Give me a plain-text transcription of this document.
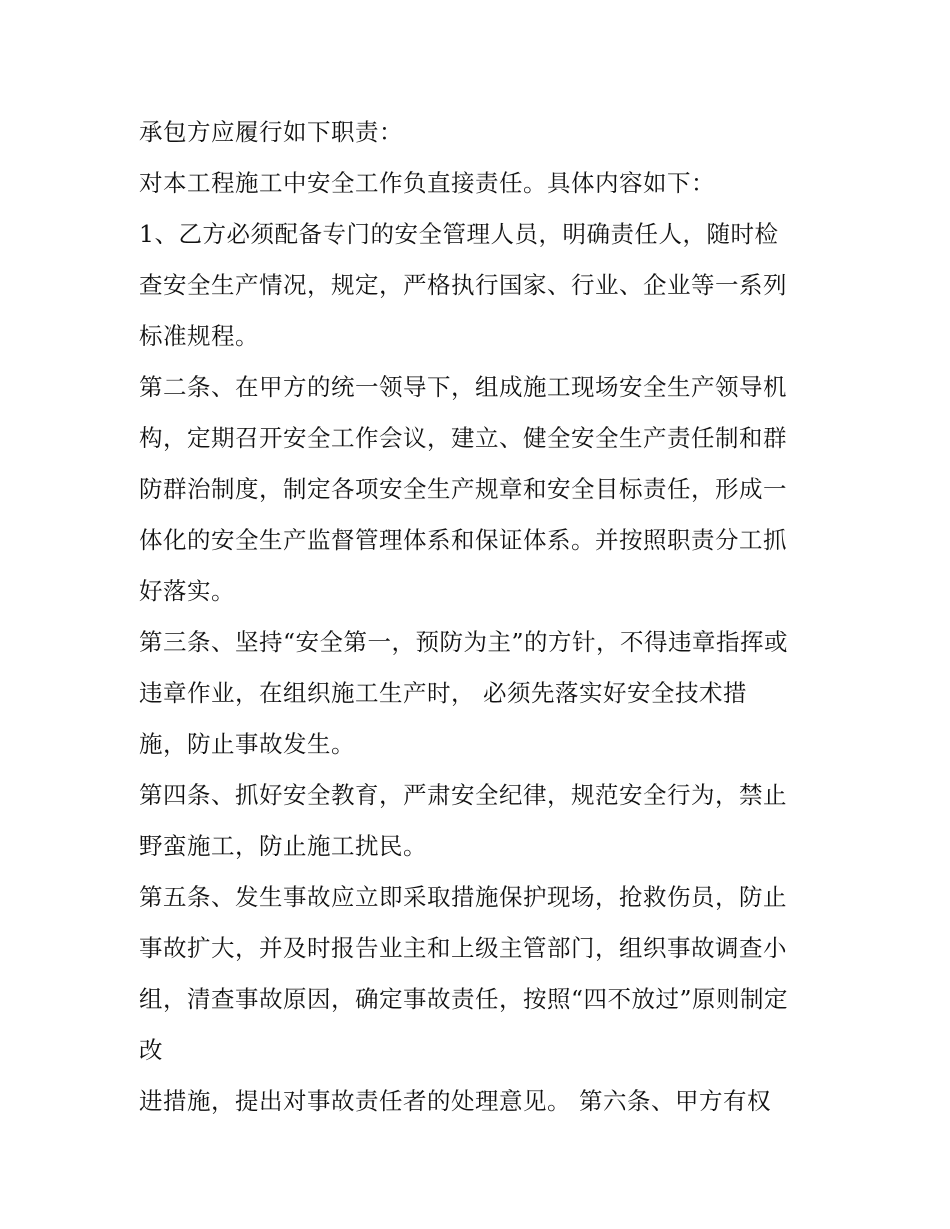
承包方应履行如下职责：
对本工程施工中安全工作负直接责任。具体内容如下：
1、乙方必须配备专门的安全管理人员，明确责任人，随时检
查安全生产情况，规定，严格执行国家、行业、企业等一系列
标准规程。
第二条、在甲方的统一领导下，组成施工现场安全生产领导机
构，定期召开安全工作会议，建立、健全安全生产责任制和群
防群治制度，制定各项安全生产规章和安全目标责任，形成一
体化的安全生产监督管理体系和保证体系。并按照职责分工抓
好落实。
第三条、坚持“安全第一，预防为主”的方针，不得违章指挥或
违章作业，在组织施工生产时， 必须先落实好安全技术措
施，防止事故发生。
第四条、抓好安全教育，严肃安全纪律，规范安全行为，禁止
野蛮施工，防止施工扰民。
第五条、发生事故应立即采取措施保护现场，抢救伤员，防止
事故扩大，并及时报告业主和上级主管部门，组织事故调查小
组，清查事故原因，确定事故责任，按照“四不放过”原则制定
改
进措施，提出对事故责任者的处理意见。 第六条、甲方有权
